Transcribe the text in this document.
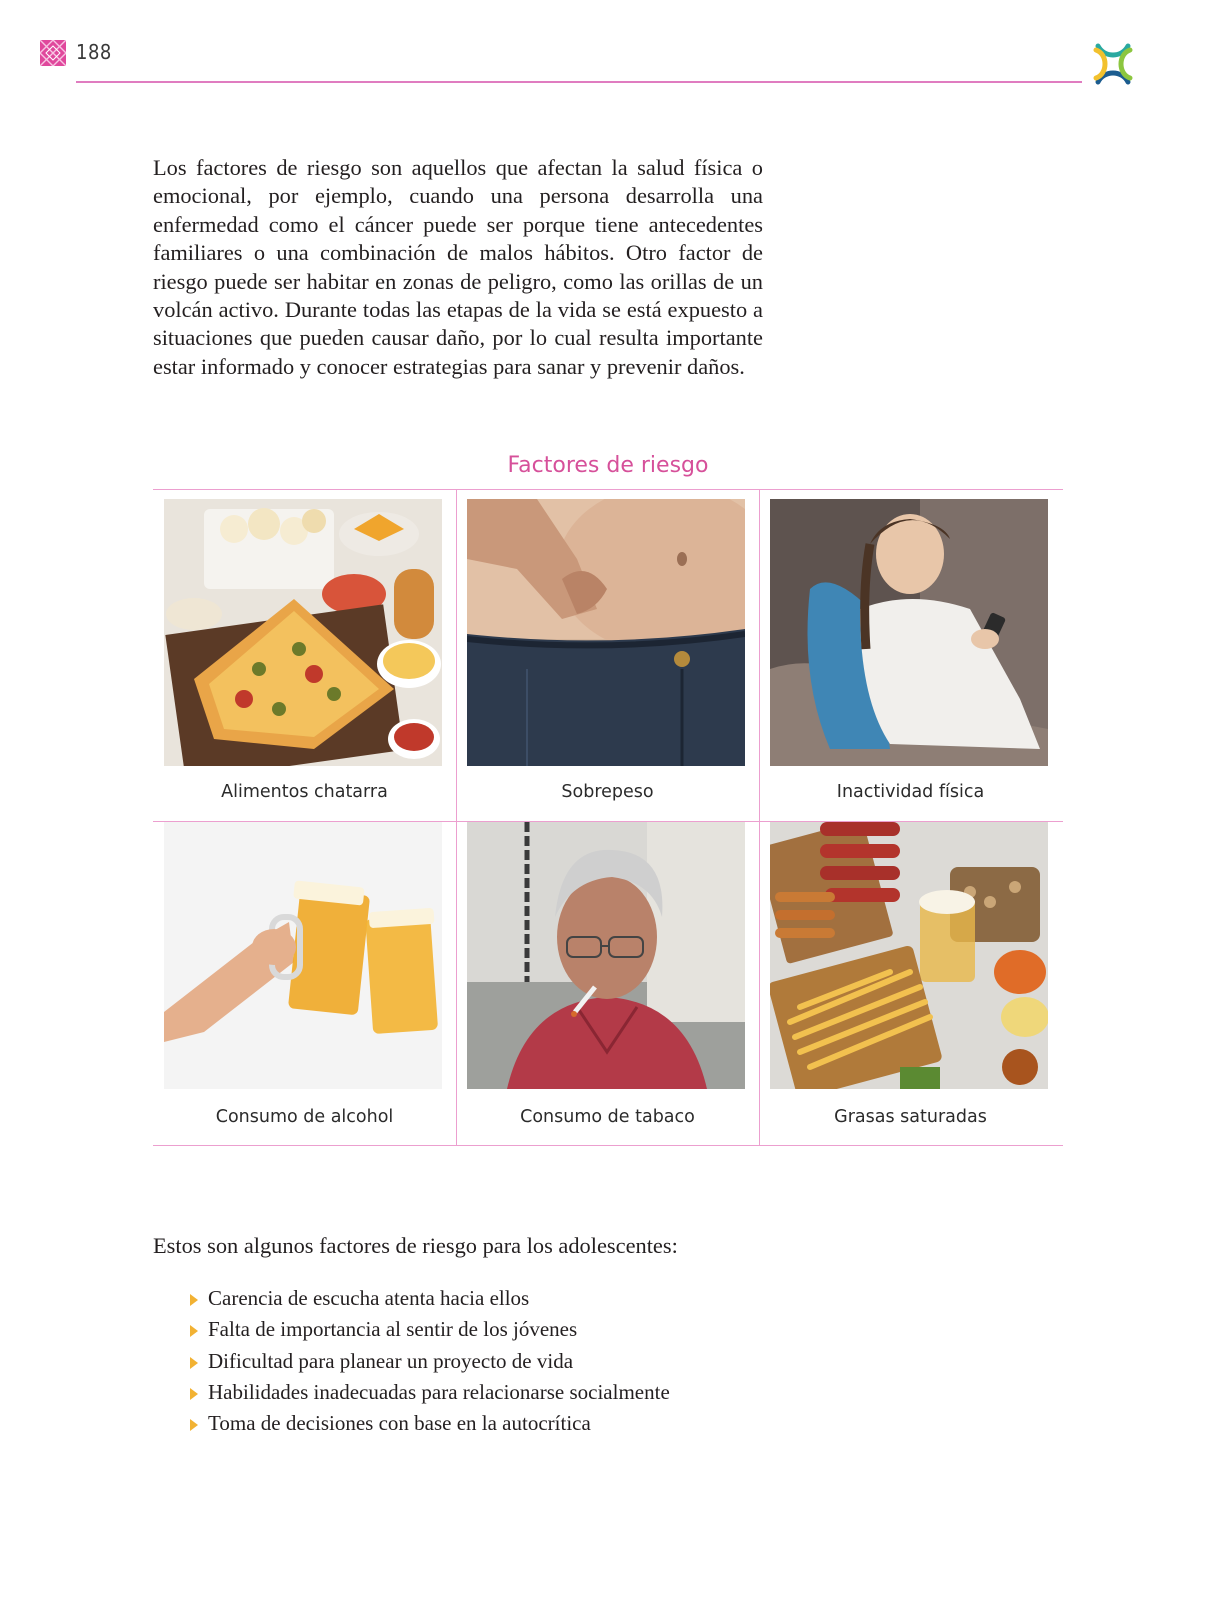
188

Los factores de riesgo son aquellos que afectan la salud física o emocional, por ejemplo, cuando una persona desarrolla una enfermedad como el cáncer puede ser porque tiene antecedentes familiares o una combinación de malos hábitos. Otro factor de riesgo puede ser habitar en zonas de peligro, como las orillas de un volcán activo. Durante todas las etapas de la vida se está expuesto a situaciones que pueden causar daño, por lo cual resulta importante estar informado y conocer estrategias para sanar y prevenir daños.

Factores de riesgo
Alimentos chatarra	Sobrepeso	Inactividad física
Consumo de alcohol	Consumo de tabaco	Grasas saturadas

Estos son algunos factores de riesgo para los adolescentes:

Carencia de escucha atenta hacia ellos
Falta de importancia al sentir de los jóvenes
Dificultad para planear un proyecto de vida
Habilidades inadecuadas para relacionarse socialmente
Toma de decisiones con base en la autocrítica
